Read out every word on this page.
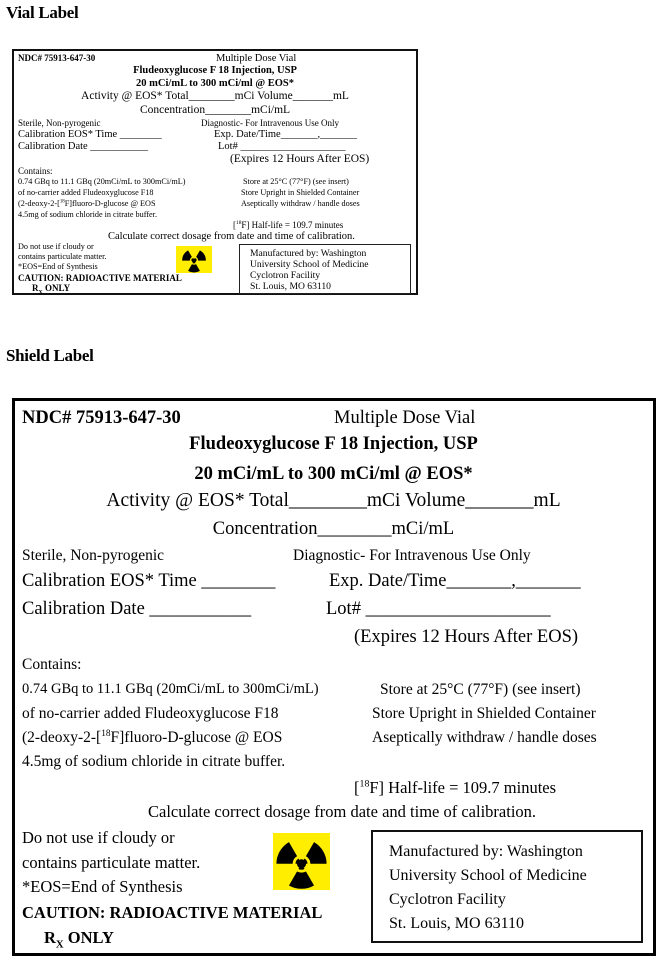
Vial Label
NDC# 75913-647-30	Multiple Dose Vial
Fludeoxyglucose F 18 Injection, USP
20 mCi/mL to 300 mCi/ml @ EOS*
Activity @ EOS* Total________mCi Volume_______mL
Concentration________mCi/mL
Sterile, Non-pyrogenic	Diagnostic- For Intravenous Use Only
Calibration EOS* Time ________	Exp. Date/Time_______,_______
Calibration Date ___________	Lot# ____________________
(Expires 12 Hours After EOS)
Contains:
0.74 GBq to 11.1 GBq (20mCi/mL to 300mCi/mL)
of no-carrier added Fludeoxyglucose F18
(2-deoxy-2-[$^{18}$F]fluoro-D-glucose @ EOS
4.5mg of sodium chloride in citrate buffer.
Store at 25°C (77°F) (see insert)
Store Upright in Shielded Container
Aseptically withdraw / handle doses
[$^{18}$F] Half-life = 109.7 minutes
Calculate correct dosage from date and time of calibration.
Do not use if cloudy or
contains particulate matter.
*EOS=End of Synthesis
CAUTION: RADIOACTIVE MATERIAL
$R_X$ ONLY
Manufactured by: Washington
University School of Medicine
Cyclotron Facility
St. Louis, MO 63110
Shield Label
NDC# 75913-647-30	Multiple Dose Vial
Fludeoxyglucose F 18 Injection, USP
20 mCi/mL to 300 mCi/ml @ EOS*
Activity @ EOS* Total________mCi Volume_______mL
Concentration________mCi/mL
Sterile, Non-pyrogenic	Diagnostic- For Intravenous Use Only
Calibration EOS* Time ________	Exp. Date/Time_______,_______
Calibration Date ___________	Lot# ____________________
(Expires 12 Hours After EOS)
Contains:
0.74 GBq to 11.1 GBq (20mCi/mL to 300mCi/mL)
of no-carrier added Fludeoxyglucose F18
(2-deoxy-2-[$^{18}$F]fluoro-D-glucose @ EOS
4.5mg of sodium chloride in citrate buffer.
Store at 25°C (77°F) (see insert)
Store Upright in Shielded Container
Aseptically withdraw / handle doses
[$^{18}$F] Half-life = 109.7 minutes
Calculate correct dosage from date and time of calibration.
Do not use if cloudy or
contains particulate matter.
*EOS=End of Synthesis
CAUTION: RADIOACTIVE MATERIAL
$R_X$ ONLY
Manufactured by: Washington
University School of Medicine
Cyclotron Facility
St. Louis, MO 63110
